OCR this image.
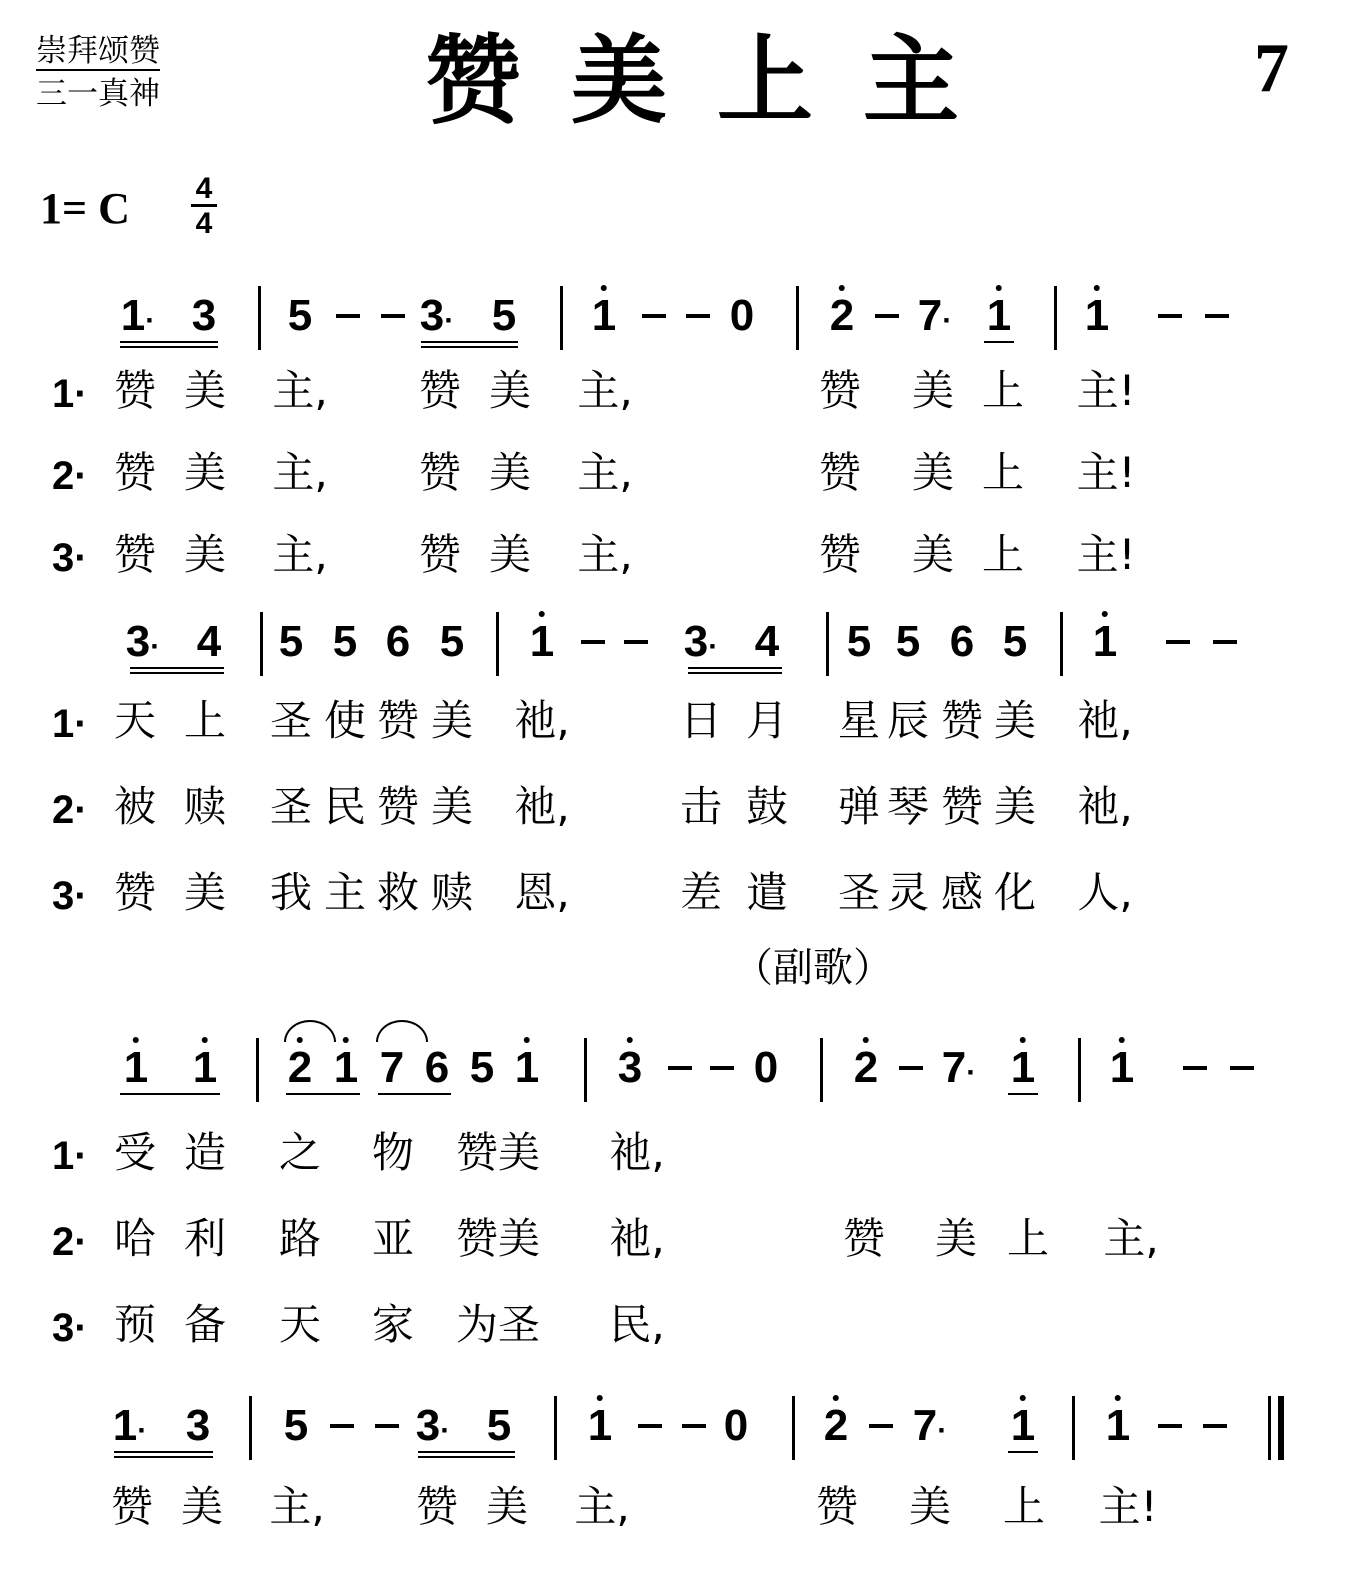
崇拜颂赞
三一真神	赞美上主	7
1= C 4
4
（副歌）
1· 3 5 3· 5 1	0 2 7· 1 1
1· 赞 美 主, 赞 美 主,	赞 美 上 主!
2· 赞 美 主, 赞 美 主,	赞 美 上 主!
3· 赞 美 主, 赞 美 主,	赞 美 上 主!
3· 4 5 5 6 5 1	3· 4 5 5 6 5 1
1· 天 上 圣 使 赞 美 祂,	日 月 星 辰 赞 美 祂,
2· 被 赎 圣 民 赞 美 祂,	击 鼓 弹 琴 赞 美 祂,
3· 赞 美 我 主 救 赎 恩,	差 遣 圣 灵 感 化 人,
1 1 2 1 7 6 5 1 3	0 2 7· 1 1
1· 受 造 之 物 赞美 祂,
2· 哈 利 路 亚 赞美 祂,	赞 美 上 主,
3· 预 备 天 家 为圣 民,
1· 3 5 3· 5 1	0 2 7· 1 1
赞 美 主, 赞 美 主,	赞 美 上 主!
